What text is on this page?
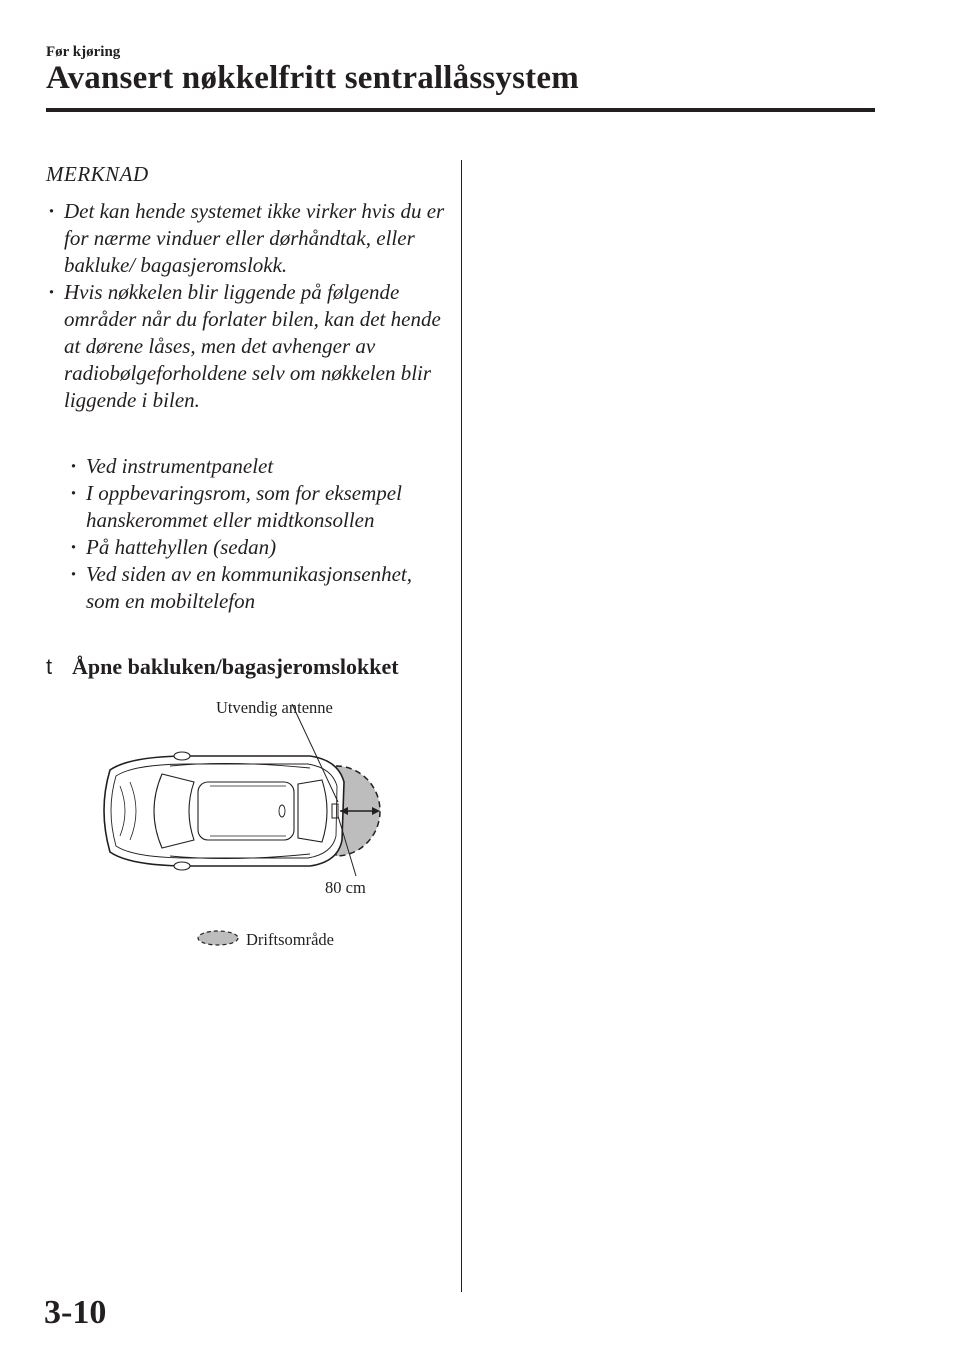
Før kjøring
Avansert nøkkelfritt sentrallåssystem
MERKNAD
· Det kan hende systemet ikke virker hvis du er for nærme vinduer eller dørhåndtak, eller bakluke/ bagasjeromslokk.
· Hvis nøkkelen blir liggende på følgende områder når du forlater bilen, kan det hende at dørene låses, men det avhenger av radiobølgeforholdene selv om nøkkelen blir liggende i bilen.
· Ved instrumentpanelet
· I oppbevaringsrom, som for eksempel hanskerommet eller midtkonsollen
· På hattehyllen (sedan)
· Ved siden av en kommunikasjonsenhet, som en mobiltelefon
t Åpne bakluken/bagasjeromslokket
Utvendig antenne
80 cm
Driftsområde
3-10
